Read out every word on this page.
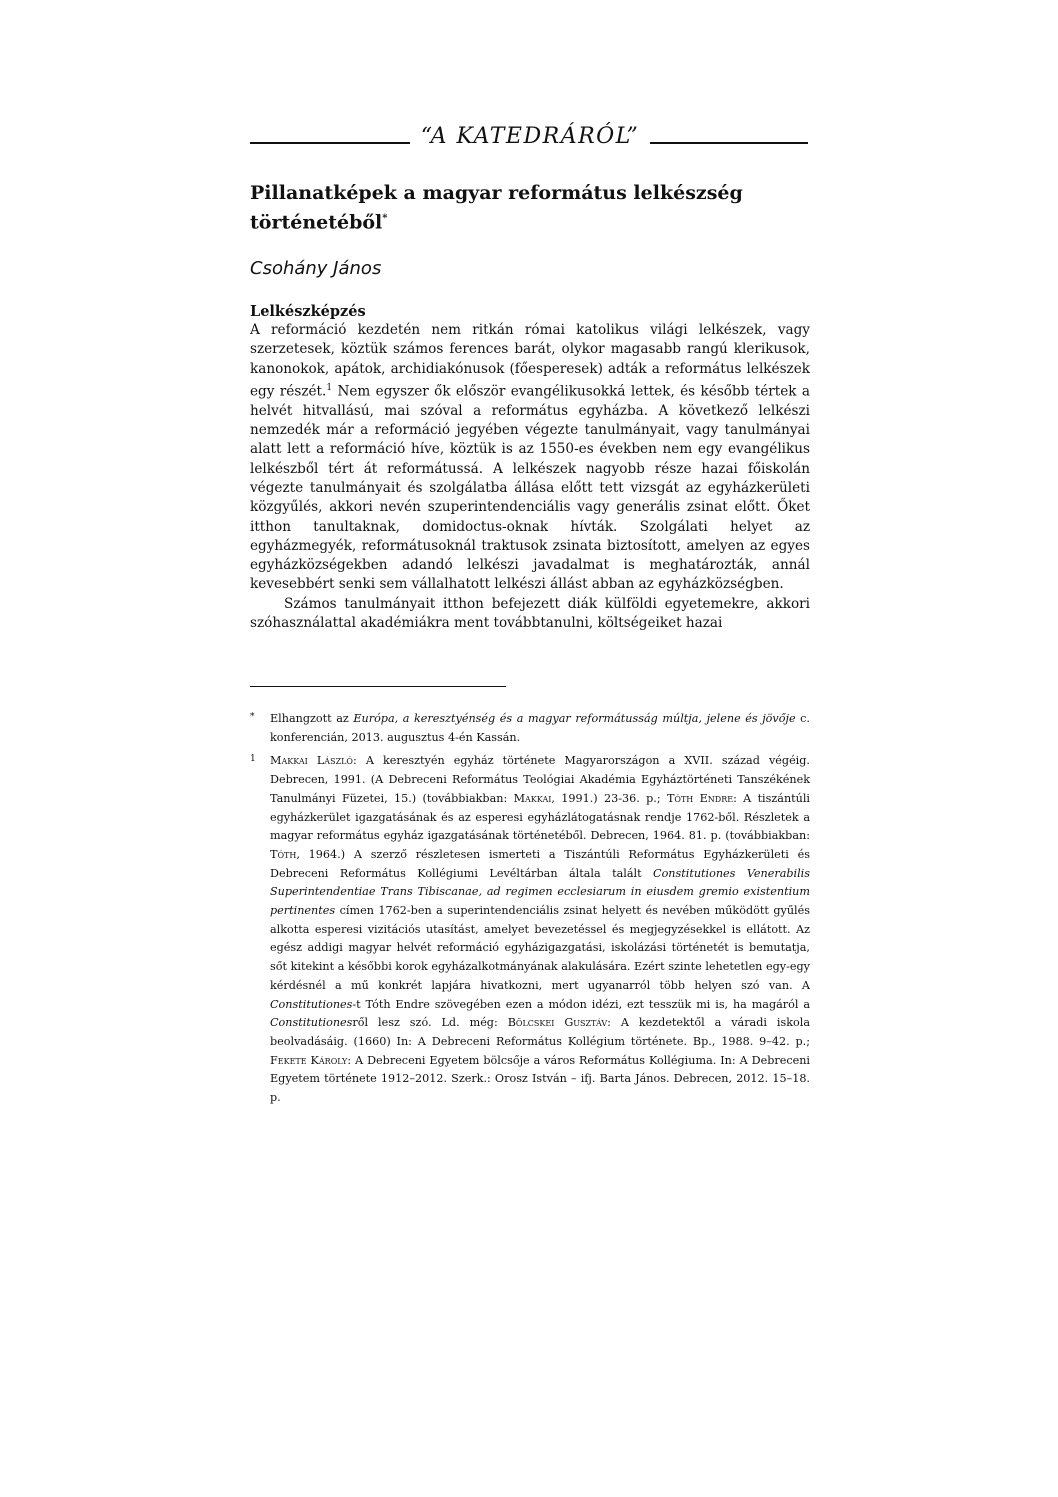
“A KATEDRÁRÓL”
Pillanatképek a magyar református lelkészség történetéből*

Csohány János

Lelkészképzés

A reformáció kezdetén nem ritkán római katolikus világi lelkészek, vagy szerzetesek, köztük számos ferences barát, olykor magasabb rangú klerikusok, kanonokok, apátok, archidiakónusok (főesperesek) adták a református lelkészek egy részét.$^1$ Nem egyszer ők először evangélikusokká lettek, és később tértek a helvét hitvallású, mai szóval a református egyházba. A következő lelkészi nemzedék már a reformáció jegyében végezte tanulmányait, vagy tanulmányai alatt lett a reformáció híve, köztük is az 1550-es években nem egy evangélikus lelkészből tért át reformátussá. A lelkészek nagyobb része hazai főiskolán végezte tanulmányait és szolgálatba állása előtt tett vizsgát az egyházkerületi közgyűlés, akkori nevén szuperintendenciális vagy generális zsinat előtt. Őket itthon tanultaknak, domidoctus-oknak hívták. Szolgálati helyet az egyházmegyék, reformátusoknál traktusok zsinata biztosított, amelyen az egyes egyházközségekben adandó lelkészi javadalmat is meghatározták, annál kevesebbért senki sem vállalhatott lelkészi állást abban az egyházközségben.

Számos tanulmányait itthon befejezett diák külföldi egyetemekre, akkori szóhasználattal akadémiákra ment továbbtanulni, költségeiket hazai

* Elhangzott az Európa, a keresztyénség és a magyar reformátusság múltja, jelene és jövője c. konferencián, 2013. augusztus 4-én Kassán.

1 Makkai László: A keresztyén egyház története Magyarországon a XVII. század végéig. Debrecen, 1991. (A Debreceni Református Teológiai Akadémia Egyháztörténeti Tanszékének Tanulmányi Füzetei, 15.) (továbbiakban: Makkai, 1991.) 23-36. p.; Tóth Endre: A tiszántúli egyházkerület igazgatásának és az esperesi egyházlátogatásnak rendje 1762-ből. Részletek a magyar református egyház igazgatásának történetéből. Debrecen, 1964. 81. p. (továbbiakban: Tóth, 1964.) A szerző részletesen ismerteti a Tiszántúli Református Egyházkerületi és Debreceni Református Kollégiumi Levéltárban általa talált Constitutiones Venerabilis Superintendentiae Trans Tibiscanae, ad regimen ecclesiarum in eiusdem gremio existentium pertinentes címen 1762-ben a superintendenciális zsinat helyett és nevében működött gyűlés alkotta esperesi vizitációs utasítást, amelyet bevezetéssel és megjegyzésekkel is ellátott. Az egész addigi magyar helvét reformáció egyházigazgatási, iskolázási történetét is bemutatja, sőt kitekint a későbbi korok egyházalkotmányának alakulására. Ezért szinte lehetetlen egy-egy kérdésnél a mű konkrét lapjára hivatkozni, mert ugyanarról több helyen szó van. A Constitutiones-t Tóth Endre szövegében ezen a módon idézi, ezt tesszük mi is, ha magáról a Constitutionesről lesz szó. Ld. még: Bölcskei Gusztáv: A kezdetektől a váradi iskola beolvadásáig. (1660) In: A Debreceni Református Kollégium története. Bp., 1988. 9–42. p.; Fekete Károly: A Debreceni Egyetem bölcsője a város Református Kollégiuma. In: A Debreceni Egyetem története 1912–2012. Szerk.: Orosz István – ifj. Barta János. Debrecen, 2012. 15–18. p.
